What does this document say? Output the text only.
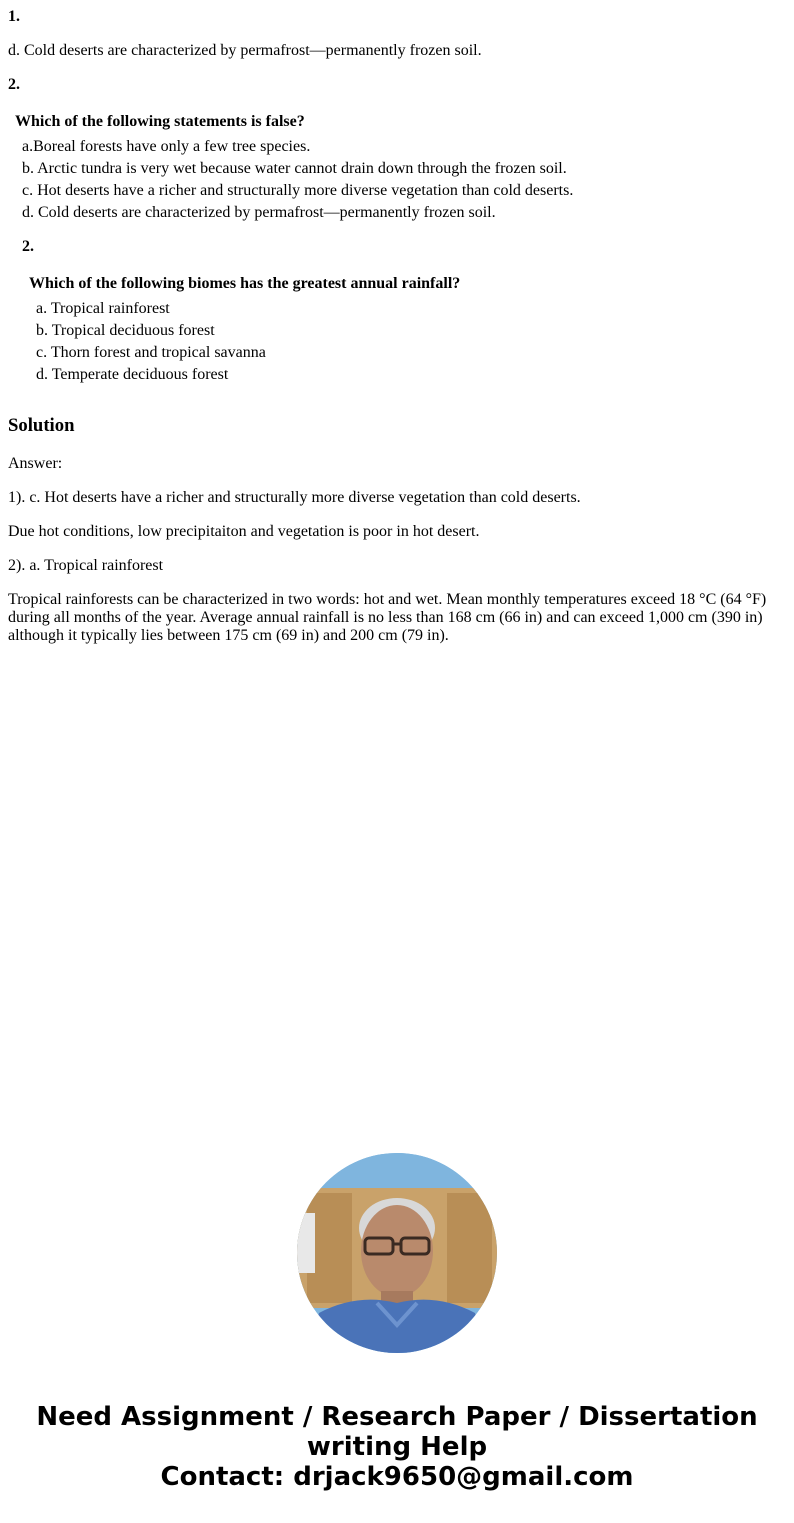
1.
d. Cold deserts are characterized by permafrost—permanently frozen soil.
2.
Which of the following statements is false?
a.Boreal forests have only a few tree species.
b. Arctic tundra is very wet because water cannot drain down through the frozen soil.
c. Hot deserts have a richer and structurally more diverse vegetation than cold deserts.
d. Cold deserts are characterized by permafrost—permanently frozen soil.
2.
Which of the following biomes has the greatest annual rainfall?
a. Tropical rainforest
b. Tropical deciduous forest
c. Thorn forest and tropical savanna
d. Temperate deciduous forest
Solution
Answer:
1). c. Hot deserts have a richer and structurally more diverse vegetation than cold deserts.
Due hot conditions, low precipitaiton and vegetation is poor in hot desert.
2). a. Tropical rainforest
Tropical rainforests can be characterized in two words: hot and wet. Mean monthly temperatures exceed 18 °C (64 °F) during all months of the year. Average annual rainfall is no less than 168 cm (66 in) and can exceed 1,000 cm (390 in) although it typically lies between 175 cm (69 in) and 200 cm (79 in).
Need Assignment / Research Paper / Dissertation
writing Help
Contact: drjack9650@gmail.com
